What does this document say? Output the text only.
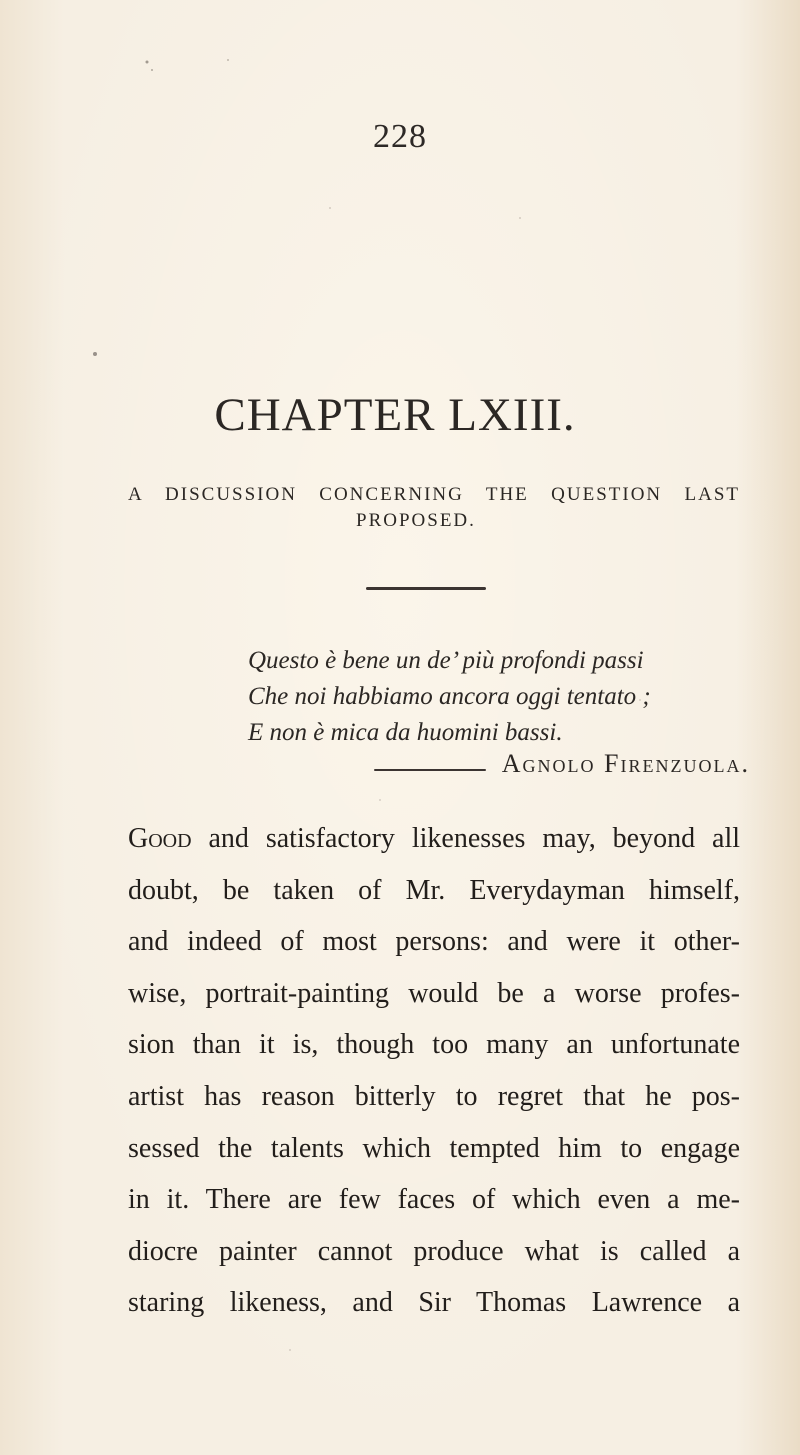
228
CHAPTER LXIII.
A DISCUSSION CONCERNING THE QUESTION LAST
PROPOSED.
Questo è bene un de’ più profondi passi
Che noi habbiamo ancora oggi tentato ;
E non è mica da huomini bassi.
Agnolo Firenzuola.
Good and satisfactory likenesses may, beyond all
doubt, be taken of Mr. Everydayman himself,
and indeed of most persons: and were it other-
wise, portrait-painting would be a worse profes-
sion than it is, though too many an unfortunate
artist has reason bitterly to regret that he pos-
sessed the talents which tempted him to engage
in it. There are few faces of which even a me-
diocre painter cannot produce what is called a
staring likeness, and Sir Thomas Lawrence a
